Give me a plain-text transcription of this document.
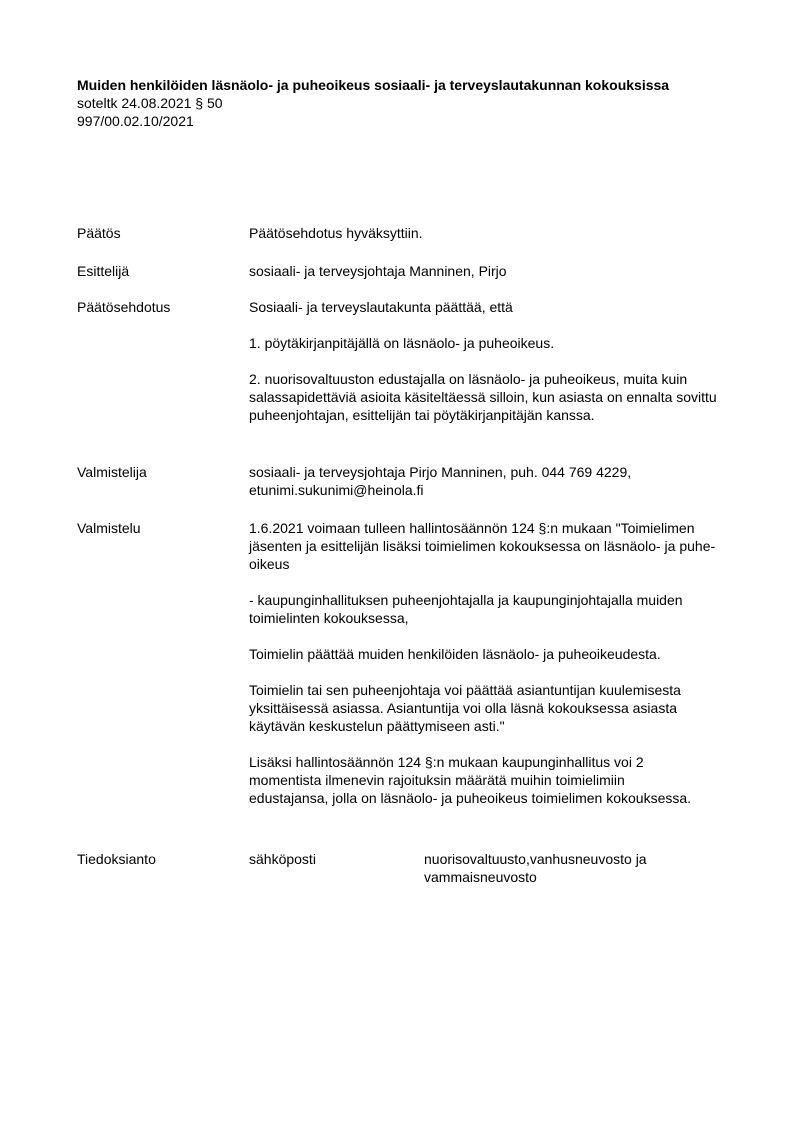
Muiden henkilöiden läsnäolo- ja puheoikeus sosiaali- ja terveyslautakunnan kokouksissa

soteltk 24.08.2021 § 50

997/00.02.10/2021

Päätös	Päätösehdotus hyväksyttiin.
Esittelijä	sosiaali- ja terveysjohtaja Manninen, Pirjo
Päätösehdotus	Sosiaali- ja terveyslautakunta päättää, että

1. pöytäkirjanpitäjällä on läsnäolo- ja puheoikeus.

2. nuorisovaltuuston edustajalla on läsnäolo- ja puheoikeus, muita kuin salassapidettäviä asioita käsiteltäessä silloin, kun asiasta on ennalta sovittu puheenjohtajan, esittelijän tai pöytäkirjanpitäjän kanssa.

Valmistelija	sosiaali- ja terveysjohtaja Pirjo Manninen, puh. 044 769 4229,

etunimi.sukunimi@heinola.fi

Valmistelu	1.6.2021 voimaan tulleen hallintosäännön 124 §:n mukaan "Toimielimen jäsenten ja esittelijän lisäksi toimielimen kokouksessa on läsnäolo- ja puhe-oikeus

- kaupunginhallituksen puheenjohtajalla ja kaupunginjohtajalla muiden toimielinten kokouksessa,

Toimielin päättää muiden henkilöiden läsnäolo- ja puheoikeudesta.

Toimielin tai sen puheenjohtaja voi päättää asiantuntijan kuulemisesta yksittäisessä asiassa. Asiantuntija voi olla läsnä kokouksessa asiasta käytävän keskustelun päättymiseen asti."

Lisäksi hallintosäännön 124 §:n mukaan kaupunginhallitus voi 2 momentista ilmenevin rajoituksin määrätä muihin toimielimiin edustajansa, jolla on läsnäolo- ja puheoikeus toimielimen kokouksessa.

Tiedoksianto	sähköposti	nuorisovaltuusto,vanhusneuvosto ja vammaisneuvosto
